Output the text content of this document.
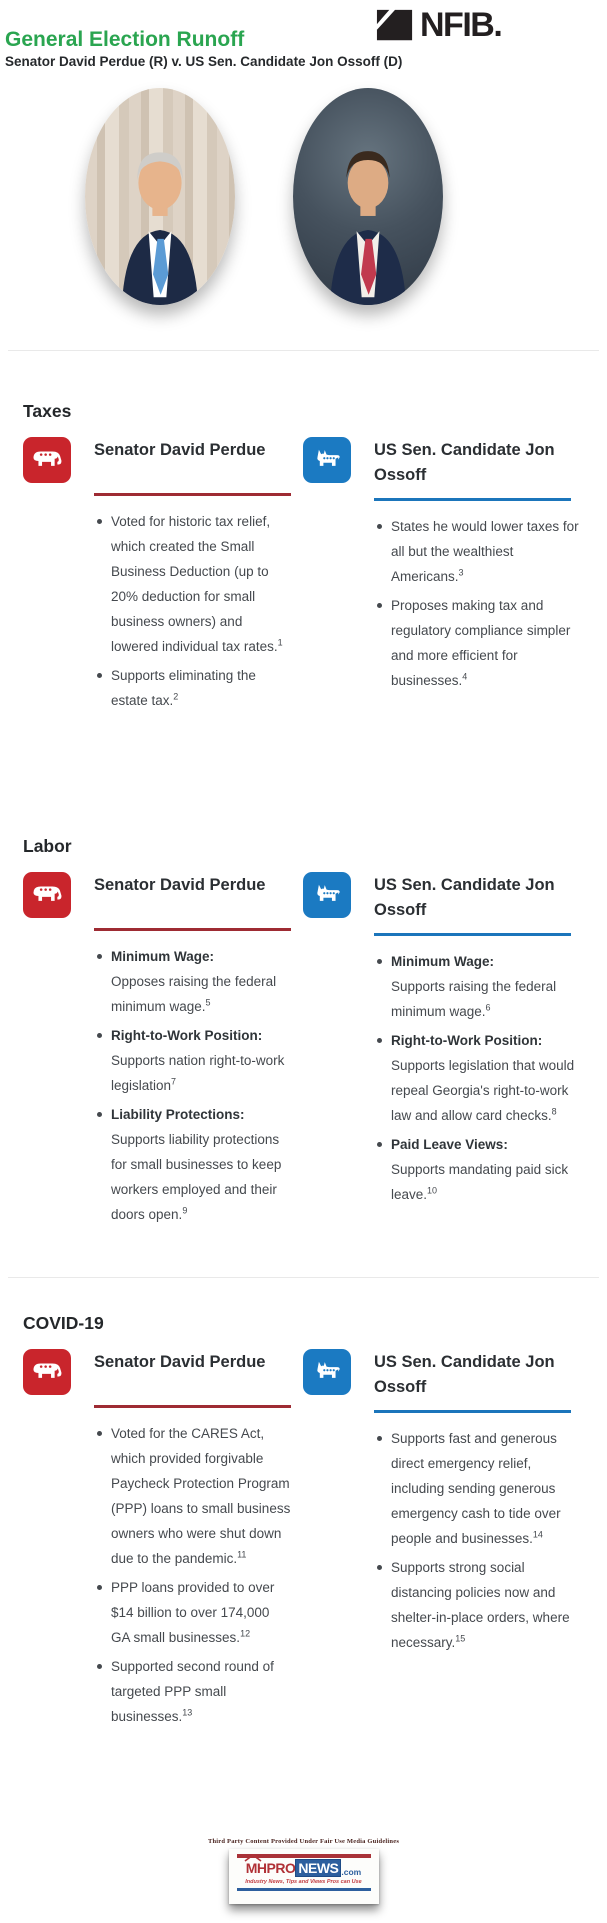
General Election Runoff	NFIB.
Senator David Perdue (R) v. US Sen. Candidate Jon Ossoff (D)
Taxes
Senator David Perdue
Voted for historic tax relief, which created the Small Business Deduction (up to 20% deduction for small business owners) and lowered individual tax rates.$^1$
Supports eliminating the estate tax.$^2$
US Sen. Candidate Jon Ossoff
States he would lower taxes for all but the wealthiest Americans.$^3$
Proposes making tax and regulatory compliance simpler and more efficient for businesses.$^4$
Labor
Senator David Perdue
Minimum Wage:
Opposes raising the federal minimum wage.$^5$
Right-to-Work Position:
Supports nation right-to-work legislation$^7$
Liability Protections:
Supports liability protections for small businesses to keep workers employed and their doors open.$^9$
US Sen. Candidate Jon Ossoff
Minimum Wage:
Supports raising the federal minimum wage.$^6$
Right-to-Work Position:
Supports legislation that would repeal Georgia's right-to-work law and allow card checks.$^8$
Paid Leave Views:
Supports mandating paid sick leave.$^{10}$
COVID-19
Senator David Perdue
Voted for the CARES Act, which provided forgivable Paycheck Protection Program (PPP) loans to small business owners who were shut down due to the pandemic.$^{11}$
PPP loans provided to over $14 billion to over 174,000 GA small businesses.$^{12}$
Supported second round of targeted PPP small businesses.$^{13}$
US Sen. Candidate Jon Ossoff
Supports fast and generous direct emergency relief, including sending generous emergency cash to tide over people and businesses.$^{14}$
Supports strong social distancing policies now and shelter-in-place orders, where necessary.$^{15}$
Third Party Content Provided Under Fair Use Media Guidelines
MHPRO NEWS .com
Industry News, Tips and Views Pros can Use
